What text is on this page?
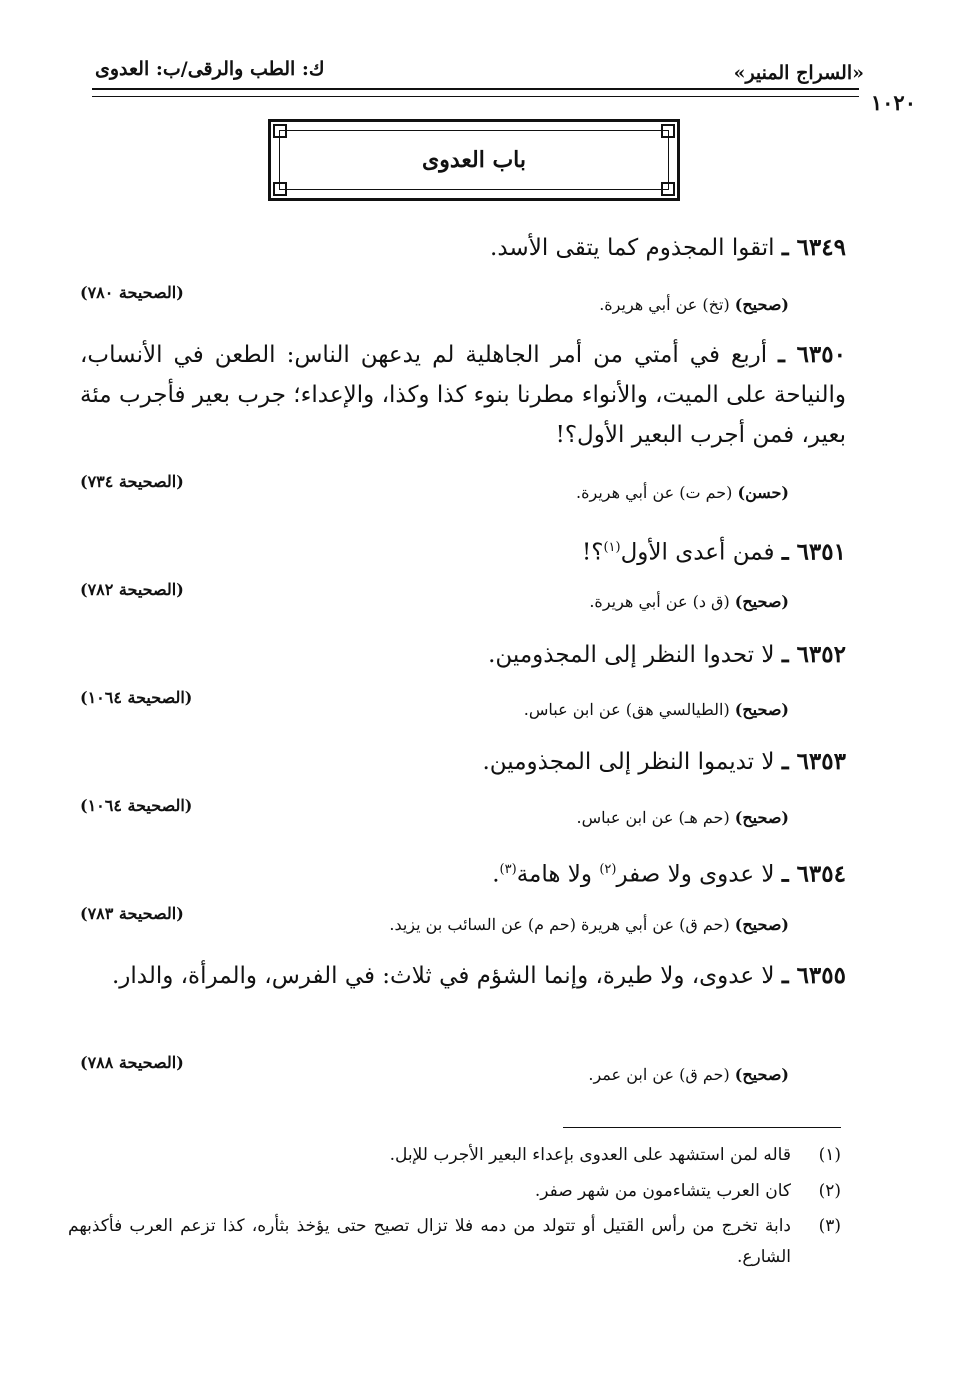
«السراج المنير»
ك: الطب والرقى/ب: العدوى
١٠٢٠
باب العدوى
٦٣٤٩ ـ اتقوا المجذوم كما يتقى الأسد.
(صحيح) (تخ) عن أبي هريرة.
(الصحيحة ٧٨٠)
٦٣٥٠ ـ أربع في أمتي من أمر الجاهلية لم يدعهن الناس: الطعن في الأنساب، والنياحة على الميت، والأنواء مطرنا بنوء كذا وكذا، والإعداء؛ جرب بعير فأجرب مئة بعير، فمن أجرب البعير الأول؟!
(حسن) (حم ت) عن أبي هريرة.
(الصحيحة ٧٣٤)
٦٣٥١ ـ فمن أعدى الأول$^{(١)}$؟!
(صحيح) (ق د) عن أبي هريرة.
(الصحيحة ٧٨٢)
٦٣٥٢ ـ لا تحدوا النظر إلى المجذومين.
(صحيح) (الطيالسي هق) عن ابن عباس.
(الصحيحة ١٠٦٤)
٦٣٥٣ ـ لا تديموا النظر إلى المجذومين.
(صحيح) (حم هـ) عن ابن عباس.
(الصحيحة ١٠٦٤)
٦٣٥٤ ـ لا عدوى ولا صفر$^{(٢)}$ ولا هامة$^{(٣)}$.
(صحيح) (حم ق) عن أبي هريرة (حم م) عن السائب بن يزيد.
(الصحيحة ٧٨٣)
٦٣٥٥ ـ لا عدوى، ولا طيرة، وإنما الشؤم في ثلاث: في الفرس، والمرأة، والدار.
(صحيح) (حم ق) عن ابن عمر.
(الصحيحة ٧٨٨)
(١)
قاله لمن استشهد على العدوى بإعداء البعير الأجرب للإبل.
(٢)
كان العرب يتشاءمون من شهر صفر.
(٣)
دابة تخرج من رأس القتيل أو تتولد من دمه فلا تزال تصيح حتى يؤخذ بثأره، كذا تزعم العرب فأكذبهم الشارع.
